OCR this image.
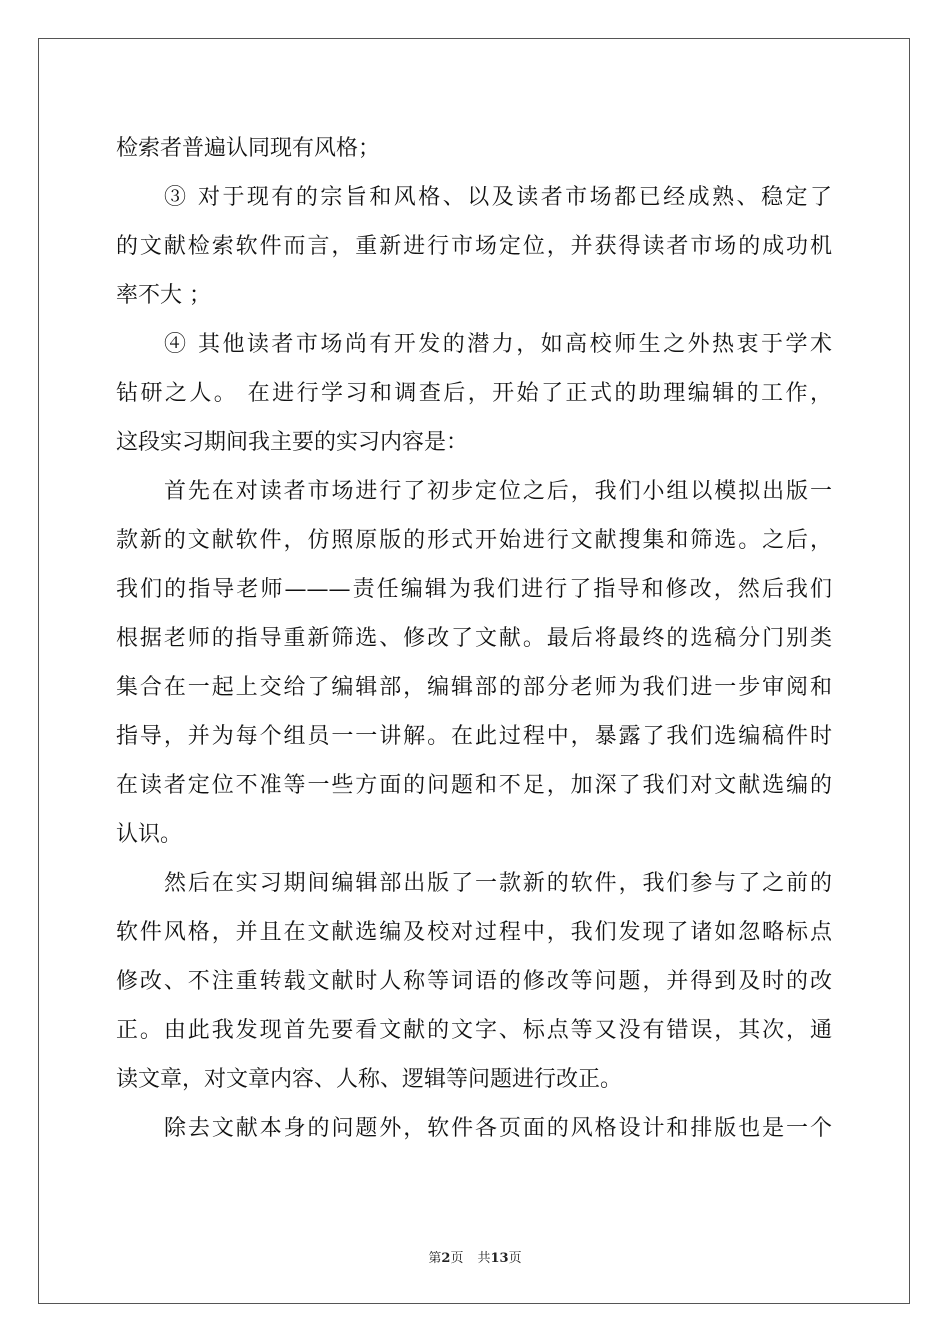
检索者普遍认同现有风格；
③ 对于现有的宗旨和风格、以及读者市场都已经成熟、稳定了
的文献检索软件而言，重新进行市场定位，并获得读者市场的成功机
率不大 ；
④ 其他读者市场尚有开发的潜力，如高校师生之外热衷于学术
钻研之人。 在进行学习和调查后，开始了正式的助理编辑的工作，
这段实习期间我主要的实习内容是：
首先在对读者市场进行了初步定位之后，我们小组以模拟出版一
款新的文献软件，仿照原版的形式开始进行文献搜集和筛选。之后，
我们的指导老师———责任编辑为我们进行了指导和修改，然后我们
根据老师的指导重新筛选、修改了文献。最后将最终的选稿分门别类
集合在一起上交给了编辑部，编辑部的部分老师为我们进一步审阅和
指导，并为每个组员一一讲解。在此过程中，暴露了我们选编稿件时
在读者定位不准等一些方面的问题和不足，加深了我们对文献选编的
认识。
然后在实习期间编辑部出版了一款新的软件，我们参与了之前的
软件风格，并且在文献选编及校对过程中，我们发现了诸如忽略标点
修改、不注重转载文献时人称等词语的修改等问题，并得到及时的改
正。由此我发现首先要看文献的文字、标点等又没有错误，其次，通
读文章，对文章内容、人称、逻辑等问题进行改正。
除去文献本身的问题外，软件各页面的风格设计和排版也是一个
第2页 共13页
